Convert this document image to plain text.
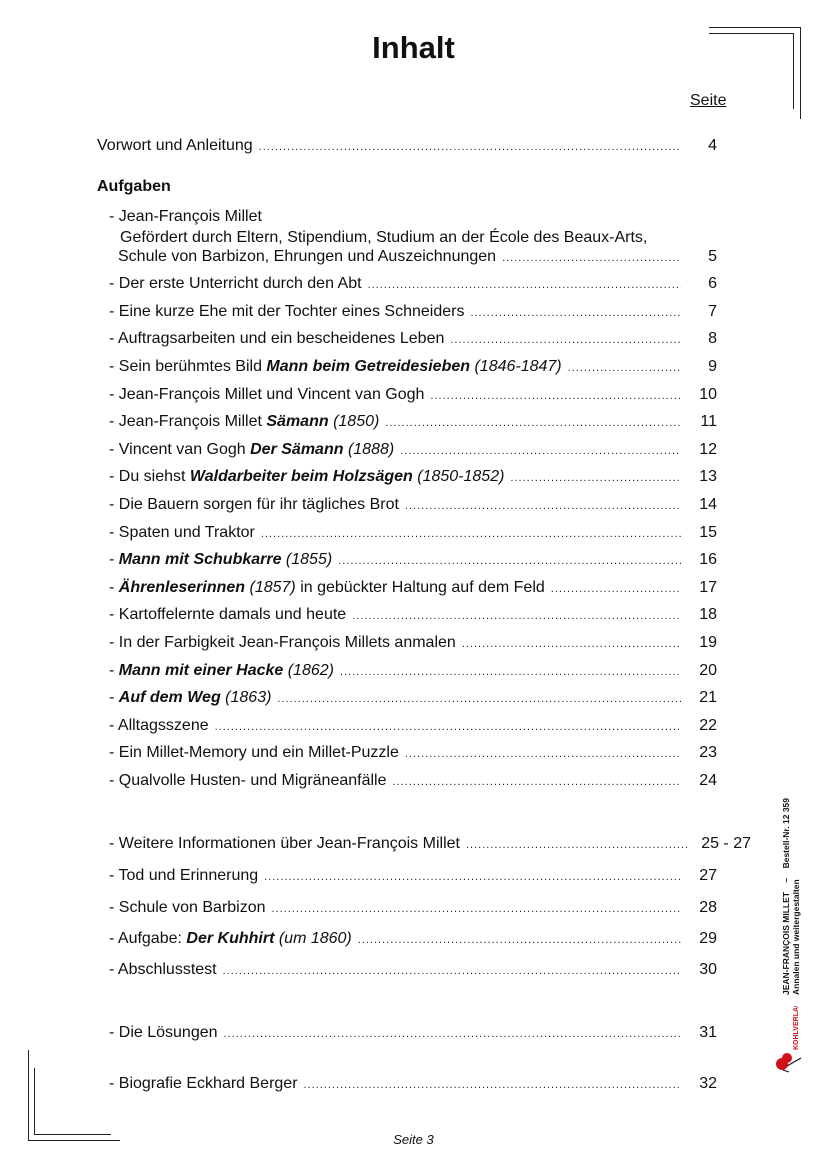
Inhalt
Seite
Vorwort und Anleitung .....	4
Aufgaben
- Jean-François Millet
Gefördert durch Eltern, Stipendium, Studium an der École des Beaux-Arts,
Schule von Barbizon, Ehrungen und Auszeichnungen .....	5
- Der erste Unterricht durch den Abt .....	6
- Eine kurze Ehe mit der Tochter eines Schneiders .....	7
- Auftragsarbeiten und ein bescheidenes Leben .....	8
- Sein berühmtes Bild Mann beim Getreidesieben (1846-1847) .....	9
- Jean-François Millet und Vincent van Gogh .....	10
- Jean-François Millet Sämann (1850) .....	11
- Vincent van Gogh Der Sämann (1888) .....	12
- Du siehst Waldarbeiter beim Holzsägen (1850-1852) .....	13
- Die Bauern sorgen für ihr tägliches Brot .....	14
- Spaten und Traktor .....	15
- Mann mit Schubkarre (1855) .....	16
- Ährenleserinnen (1857) in gebückter Haltung auf dem Feld .....	17
- Kartoffelernte damals und heute .....	18
- In der Farbigkeit Jean-François Millets anmalen .....	19
- Mann mit einer Hacke (1862) .....	20
- Auf dem Weg (1863) .....	21
- Alltagsszene .....	22
- Ein Millet-Memory und ein Millet-Puzzle .....	23
- Qualvolle Husten- und Migräneanfälle .....	24
- Weitere Informationen über Jean-François Millet .....	25 - 27
- Tod und Erinnerung .....	27
- Schule von Barbizon .....	28
- Aufgabe: Der Kuhhirt (um 1860) .....	29
- Abschlusstest .....	30
- Die Lösungen .....	31
- Biografie Eckhard Berger .....	32
Seite 3
JEAN-FRANÇOIS MILLET    –    Bestell-Nr. 12 359
Annalen und weitergestalten
KOHLVERLAG
